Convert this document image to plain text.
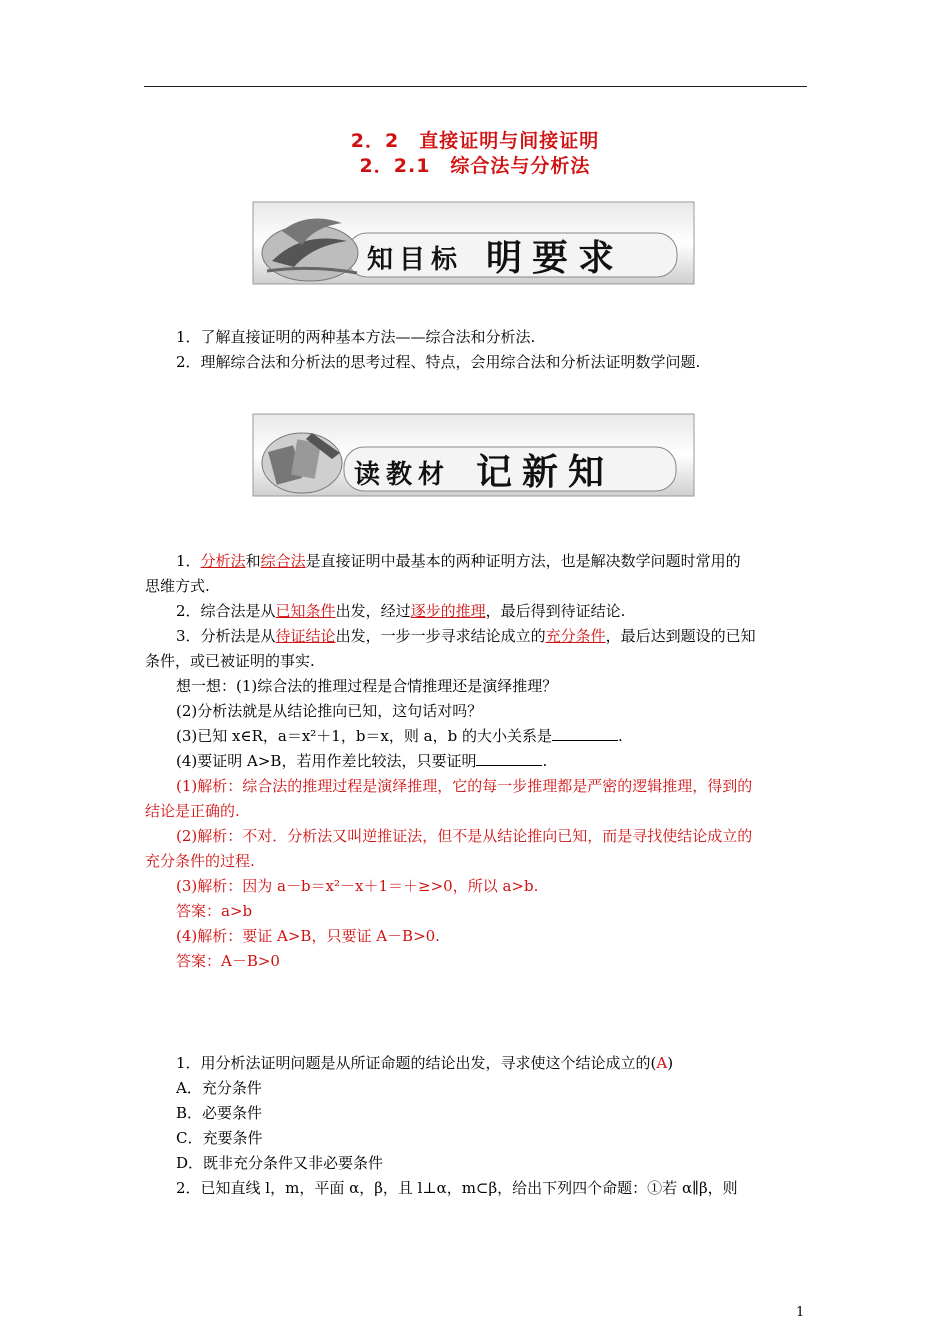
2．2　直接证明与间接证明
2．2.1　综合法与分析法
知目标 明要求
1．了解直接证明的两种基本方法——综合法和分析法.
2．理解综合法和分析法的思考过程、特点，会用综合法和分析法证明数学问题.
读教材 记新知
1．分析法和综合法是直接证明中最基本的两种证明方法，也是解决数学问题时常用的
思维方式.
2．综合法是从已知条件出发，经过逐步的推理，最后得到待证结论.
3．分析法是从待证结论出发，一步一步寻求结论成立的充分条件，最后达到题设的已知
条件，或已被证明的事实.
想一想：(1)综合法的推理过程是合情推理还是演绎推理？
(2)分析法就是从结论推向已知，这句话对吗？
(3)已知 x∈R，a＝x²＋1，b＝x，则 a，b 的大小关系是	.
(4)要证明 A>B，若用作差比较法，只要证明	.
(1)解析：综合法的推理过程是演绎推理，它的每一步推理都是严密的逻辑推理，得到的
结论是正确的.
(2)解析：不对．分析法又叫逆推证法，但不是从结论推向已知，而是寻找使结论成立的
充分条件的过程.
(3)解析：因为 a－b＝x²－x＋1＝＋≥>0，所以 a>b.
答案：a>b
(4)解析：要证 A>B，只要证 A－B>0.
答案：A－B>0
1．用分析法证明问题是从所证命题的结论出发，寻求使这个结论成立的(A)
A．充分条件
B．必要条件
C．充要条件
D．既非充分条件又非必要条件
2．已知直线 l，m，平面 α，β，且 l⊥α，m⊂β，给出下列四个命题：①若 α∥β，则
1
